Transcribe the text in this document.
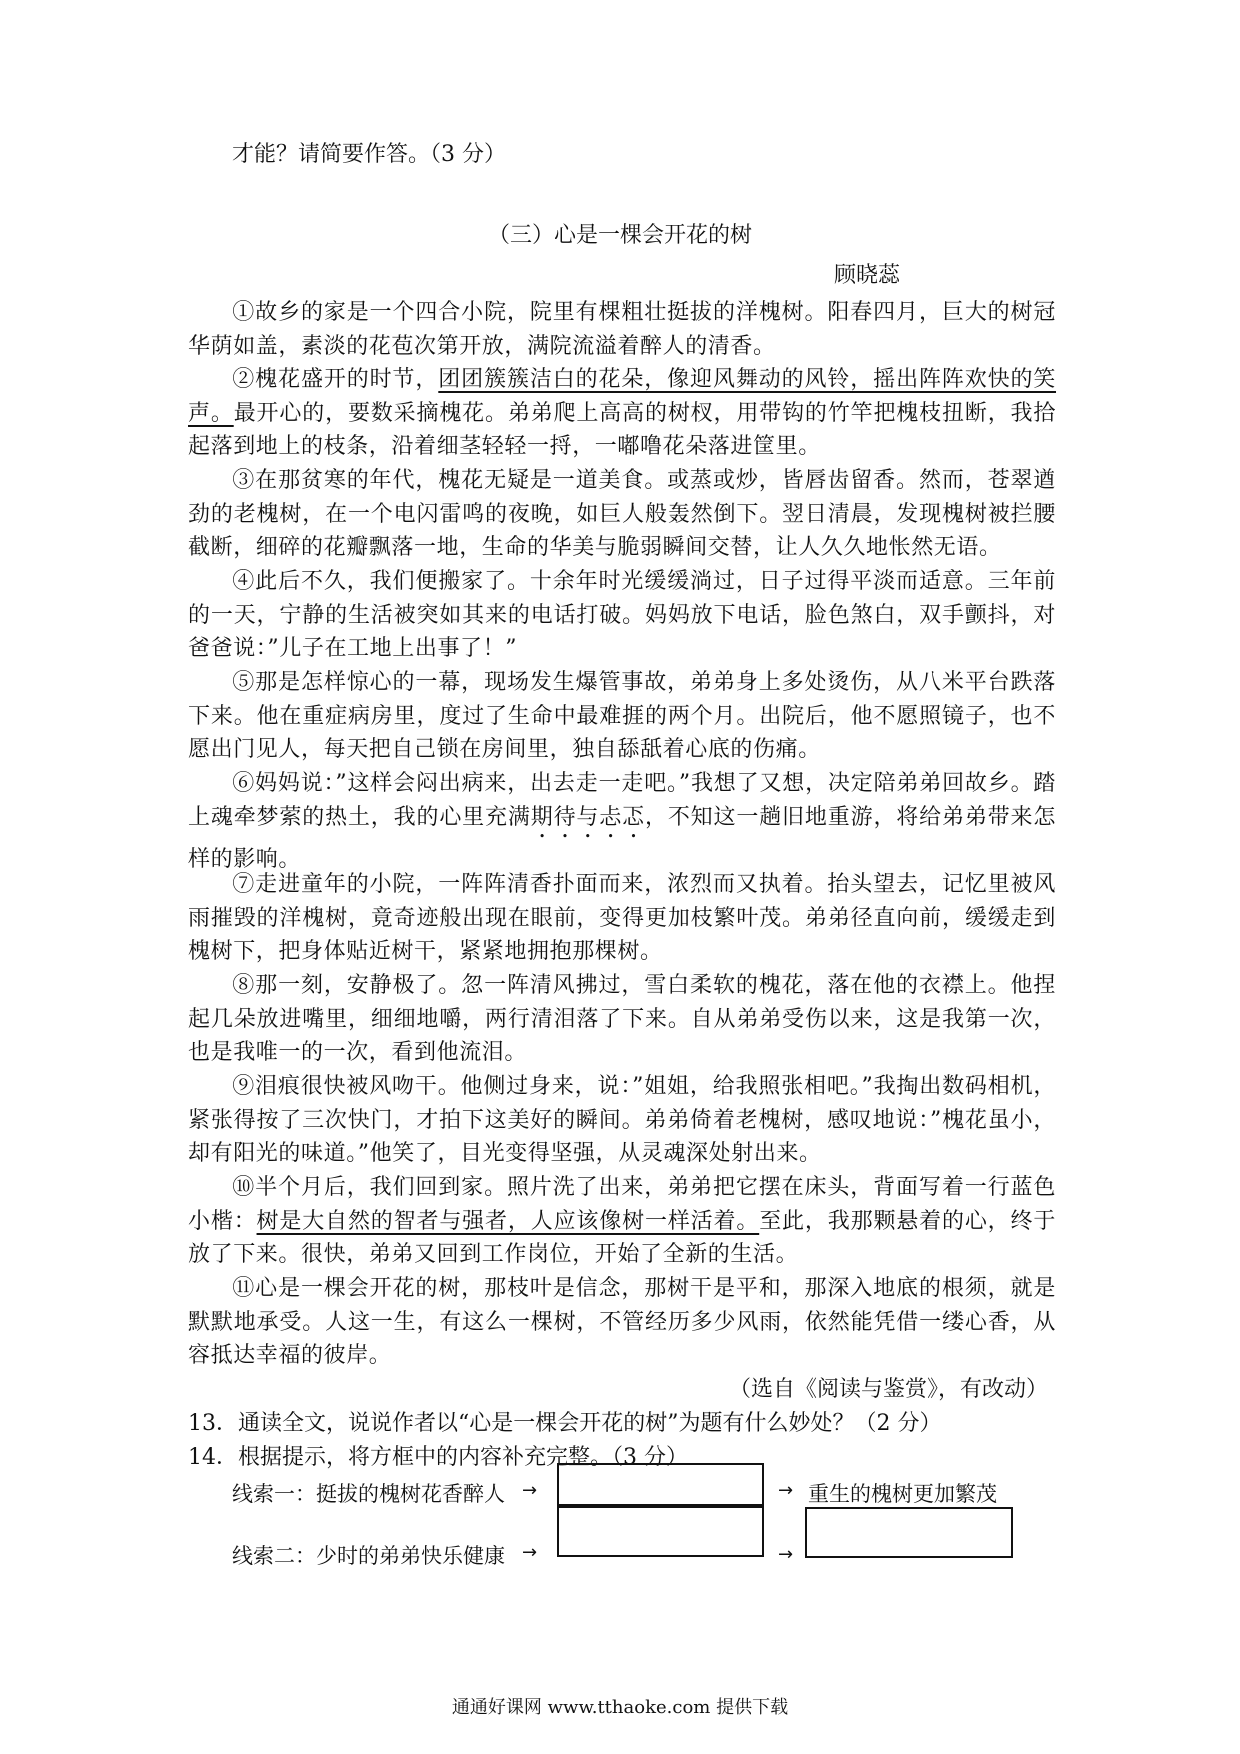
才能？请简要作答。（3 分）
（三）心是一棵会开花的树
顾晓蕊
①故乡的家是一个四合小院，院里有棵粗壮挺拔的洋槐树。阳春四月，巨大的树冠华荫如盖，素淡的花苞次第开放，满院流溢着醉人的清香。
②槐花盛开的时节，团团簇簇洁白的花朵，像迎风舞动的风铃，摇出阵阵欢快的笑声。最开心的，要数采摘槐花。弟弟爬上高高的树杈，用带钩的竹竿把槐枝扭断，我拾起落到地上的枝条，沿着细茎轻轻一捋，一嘟噜花朵落进筐里。
③在那贫寒的年代，槐花无疑是一道美食。或蒸或炒，皆唇齿留香。然而，苍翠遒劲的老槐树，在一个电闪雷鸣的夜晚，如巨人般轰然倒下。翌日清晨，发现槐树被拦腰截断，细碎的花瓣飘落一地，生命的华美与脆弱瞬间交替，让人久久地怅然无语。
④此后不久，我们便搬家了。十余年时光缓缓淌过，日子过得平淡而适意。三年前的一天，宁静的生活被突如其来的电话打破。妈妈放下电话，脸色煞白，双手颤抖，对爸爸说：”儿子在工地上出事了！”
⑤那是怎样惊心的一幕，现场发生爆管事故，弟弟身上多处烫伤，从八米平台跌落下来。他在重症病房里，度过了生命中最难捱的两个月。出院后，他不愿照镜子，也不愿出门见人，每天把自己锁在房间里，独自舔舐着心底的伤痛。
⑥妈妈说：”这样会闷出病来，出去走一走吧。”我想了又想，决定陪弟弟回故乡。踏上魂牵梦萦的热土，我的心里充满期待与忐忑，不知这一趟旧地重游，将给弟弟带来怎样的影响。
⑦走进童年的小院，一阵阵清香扑面而来，浓烈而又执着。抬头望去，记忆里被风雨摧毁的洋槐树，竟奇迹般出现在眼前，变得更加枝繁叶茂。弟弟径直向前，缓缓走到槐树下，把身体贴近树干，紧紧地拥抱那棵树。
⑧那一刻，安静极了。忽一阵清风拂过，雪白柔软的槐花，落在他的衣襟上。他捏起几朵放进嘴里，细细地嚼，两行清泪落了下来。自从弟弟受伤以来，这是我第一次，也是我唯一的一次，看到他流泪。
⑨泪痕很快被风吻干。他侧过身来，说：”姐姐，给我照张相吧。”我掏出数码相机，紧张得按了三次快门，才拍下这美好的瞬间。弟弟倚着老槐树，感叹地说：”槐花虽小，却有阳光的味道。”他笑了，目光变得坚强，从灵魂深处射出来。
⑩半个月后，我们回到家。照片洗了出来，弟弟把它摆在床头，背面写着一行蓝色小楷：树是大自然的智者与强者，人应该像树一样活着。至此，我那颗悬着的心，终于放了下来。很快，弟弟又回到工作岗位，开始了全新的生活。
⑪心是一棵会开花的树，那枝叶是信念，那树干是平和，那深入地底的根须，就是默默地承受。人这一生，有这么一棵树，不管经历多少风雨，依然能凭借一缕心香，从容抵达幸福的彼岸。
（选自《阅读与鉴赏》，有改动）
13．通读全文，说说作者以“心是一棵会开花的树”为题有什么妙处？（2 分）
14．根据提示，将方框中的内容补充完整。（3 分）
线索一：挺拔的槐树花香醉人 →	→ 重生的槐树更加繁茂
线索二：少时的弟弟快乐健康 →	→
通通好课网 www.tthaoke.com 提供下载
